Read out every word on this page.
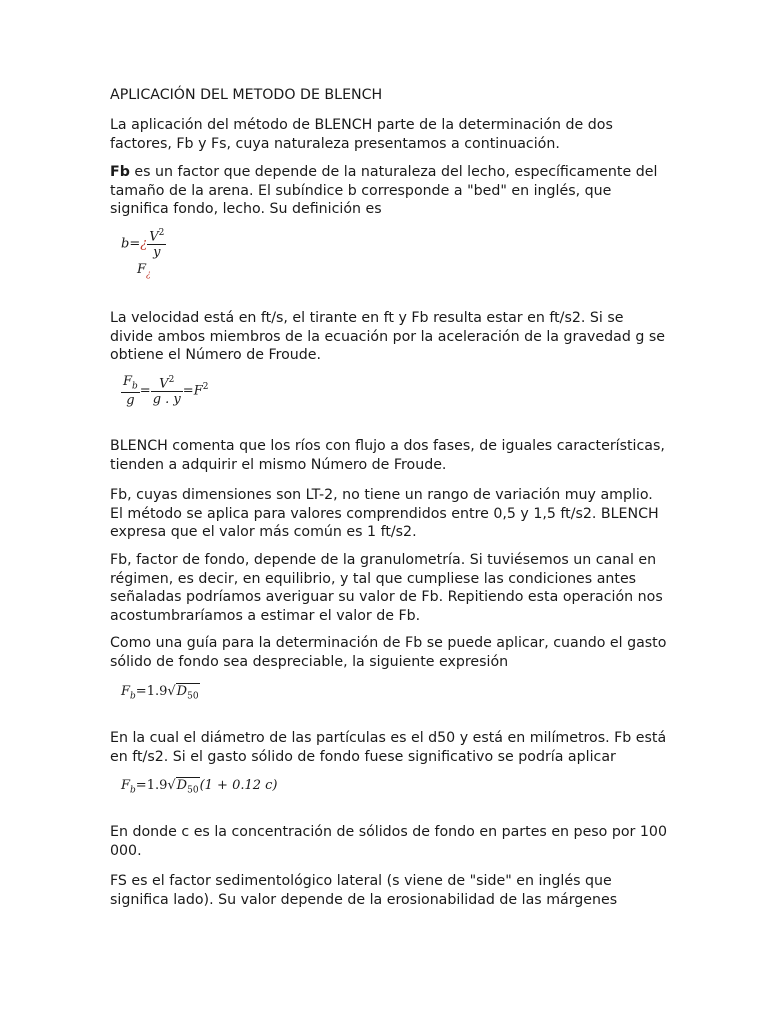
APLICACIÓN DEL METODO DE BLENCH

La aplicación del método de BLENCH parte de la determinación de dos factores, Fb y Fs, cuya naturaleza presentamos a continuación.

Fb es un factor que depende de la naturaleza del lecho, específicamente del tamaño de la arena. El subíndice b corresponde a "bed" en inglés, que significa fondo, lecho. Su definición es

b=¿ $\frac{V^2}{y}$
$F_¿$

La velocidad está en ft/s, el tirante en ft y Fb resulta estar en ft/s2. Si se divide ambos miembros de la ecuación por la aceleración de la gravedad g se obtiene el Número de Froude.

$\frac{F_b}{g} = \frac{V^2}{g . y} =F^2$

BLENCH comenta que los ríos con flujo a dos fases, de iguales características, tienden a adquirir el mismo Número de Froude.

Fb, cuyas dimensiones son LT-2, no tiene un rango de variación muy amplio. El método se aplica para valores comprendidos entre 0,5 y 1,5 ft/s2. BLENCH expresa que el valor más común es 1 ft/s2.

Fb, factor de fondo, depende de la granulometría. Si tuviésemos un canal en régimen, es decir, en equilibrio, y tal que cumpliese las condiciones antes señaladas podríamos averiguar su valor de Fb. Repitiendo esta operación nos acostumbraríamos a estimar el valor de Fb.

Como una guía para la determinación de Fb se puede aplicar, cuando el gasto sólido de fondo sea despreciable, la siguiente expresión

$F_b=1.9√D_{50}$

En la cual el diámetro de las partículas es el d50 y está en milímetros. Fb está en ft/s2. Si el gasto sólido de fondo fuese significativo se podría aplicar

$F_b=1.9√D_{50}(1 + 0.12$ c)

En donde c es la concentración de sólidos de fondo en partes en peso por 100 000.

FS es el factor sedimentológico lateral (s viene de "side" en inglés que significa lado). Su valor depende de la erosionabilidad de las márgenes
